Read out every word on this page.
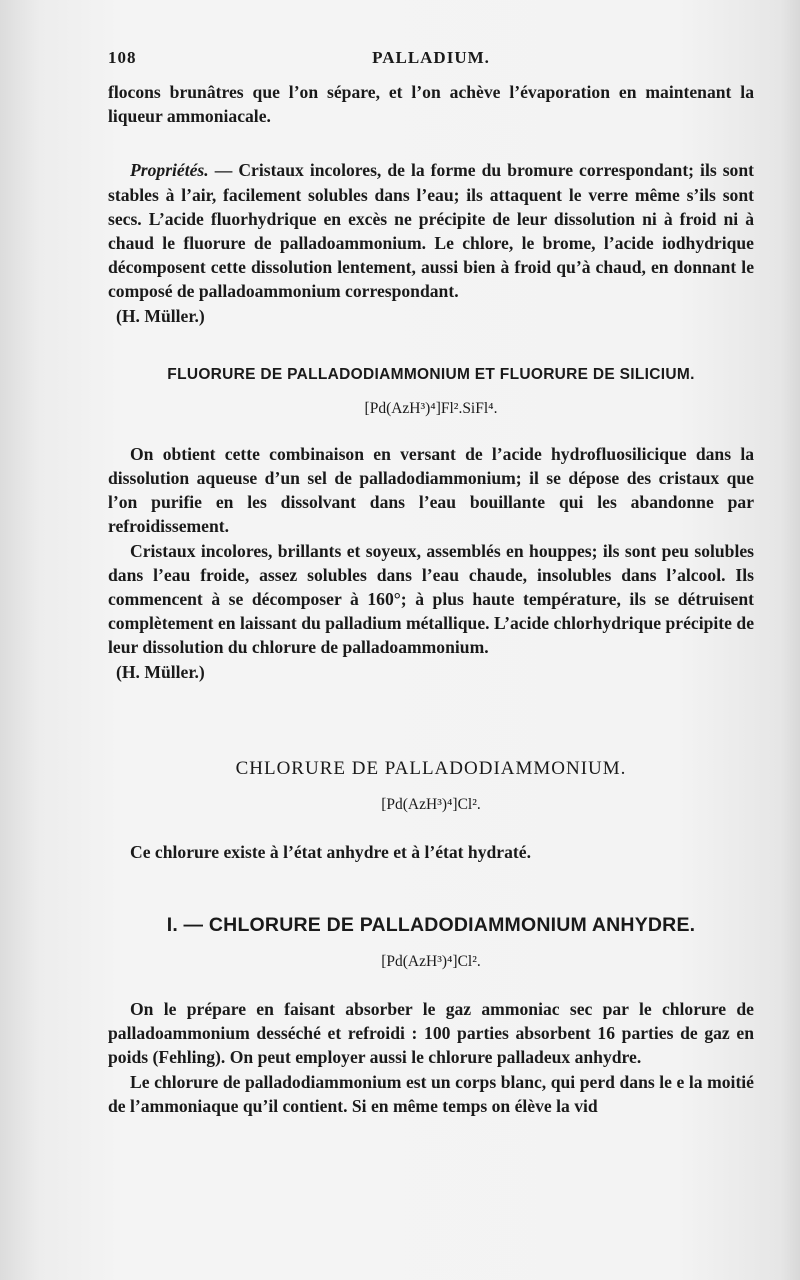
108	PALLADIUM.

flocons brunâtres que l’on sépare, et l’on achève l’évaporation en maintenant la liqueur ammoniacale.

Propriétés. — Cristaux incolores, de la forme du bromure correspondant; ils sont stables à l’air, facilement solubles dans l’eau; ils attaquent le verre même s’ils sont secs. L’acide fluorhydrique en excès ne précipite de leur dissolution ni à froid ni à chaud le fluorure de palladoammonium. Le chlore, le brome, l’acide iodhydrique décomposent cette dissolution lentement, aussi bien à froid qu’à chaud, en donnant le composé de palladoammonium correspondant.

(H. Müller.)

FLUORURE DE PALLADODIAMMONIUM ET FLUORURE DE SILICIUM.
[Pd(AzH³)⁴]Fl².SiFl⁴.

On obtient cette combinaison en versant de l’acide hydrofluosilicique dans la dissolution aqueuse d’un sel de palladodiammonium; il se dépose des cristaux que l’on purifie en les dissolvant dans l’eau bouillante qui les abandonne par refroidissement.

Cristaux incolores, brillants et soyeux, assemblés en houppes; ils sont peu solubles dans l’eau froide, assez solubles dans l’eau chaude, insolubles dans l’alcool. Ils commencent à se décomposer à 160°; à plus haute température, ils se détruisent complètement en laissant du palladium métallique. L’acide chlorhydrique précipite de leur dissolution du chlorure de palladoammonium.

(H. Müller.)

CHLORURE DE PALLADODIAMMONIUM.
[Pd(AzH³)⁴]Cl².

Ce chlorure existe à l’état anhydre et à l’état hydraté.

I. — CHLORURE DE PALLADODIAMMONIUM ANHYDRE.
[Pd(AzH³)⁴]Cl².

On le prépare en faisant absorber le gaz ammoniac sec par le chlorure de palladoammonium desséché et refroidi : 100 parties absorbent 16 parties de gaz en poids (Fehling). On peut employer aussi le chlorure palladeux anhydre.

Le chlorure de palladodiammonium est un corps blanc, qui perd dans le e la moitié de l’ammoniaque qu’il contient. Si en même temps on élève la vid
